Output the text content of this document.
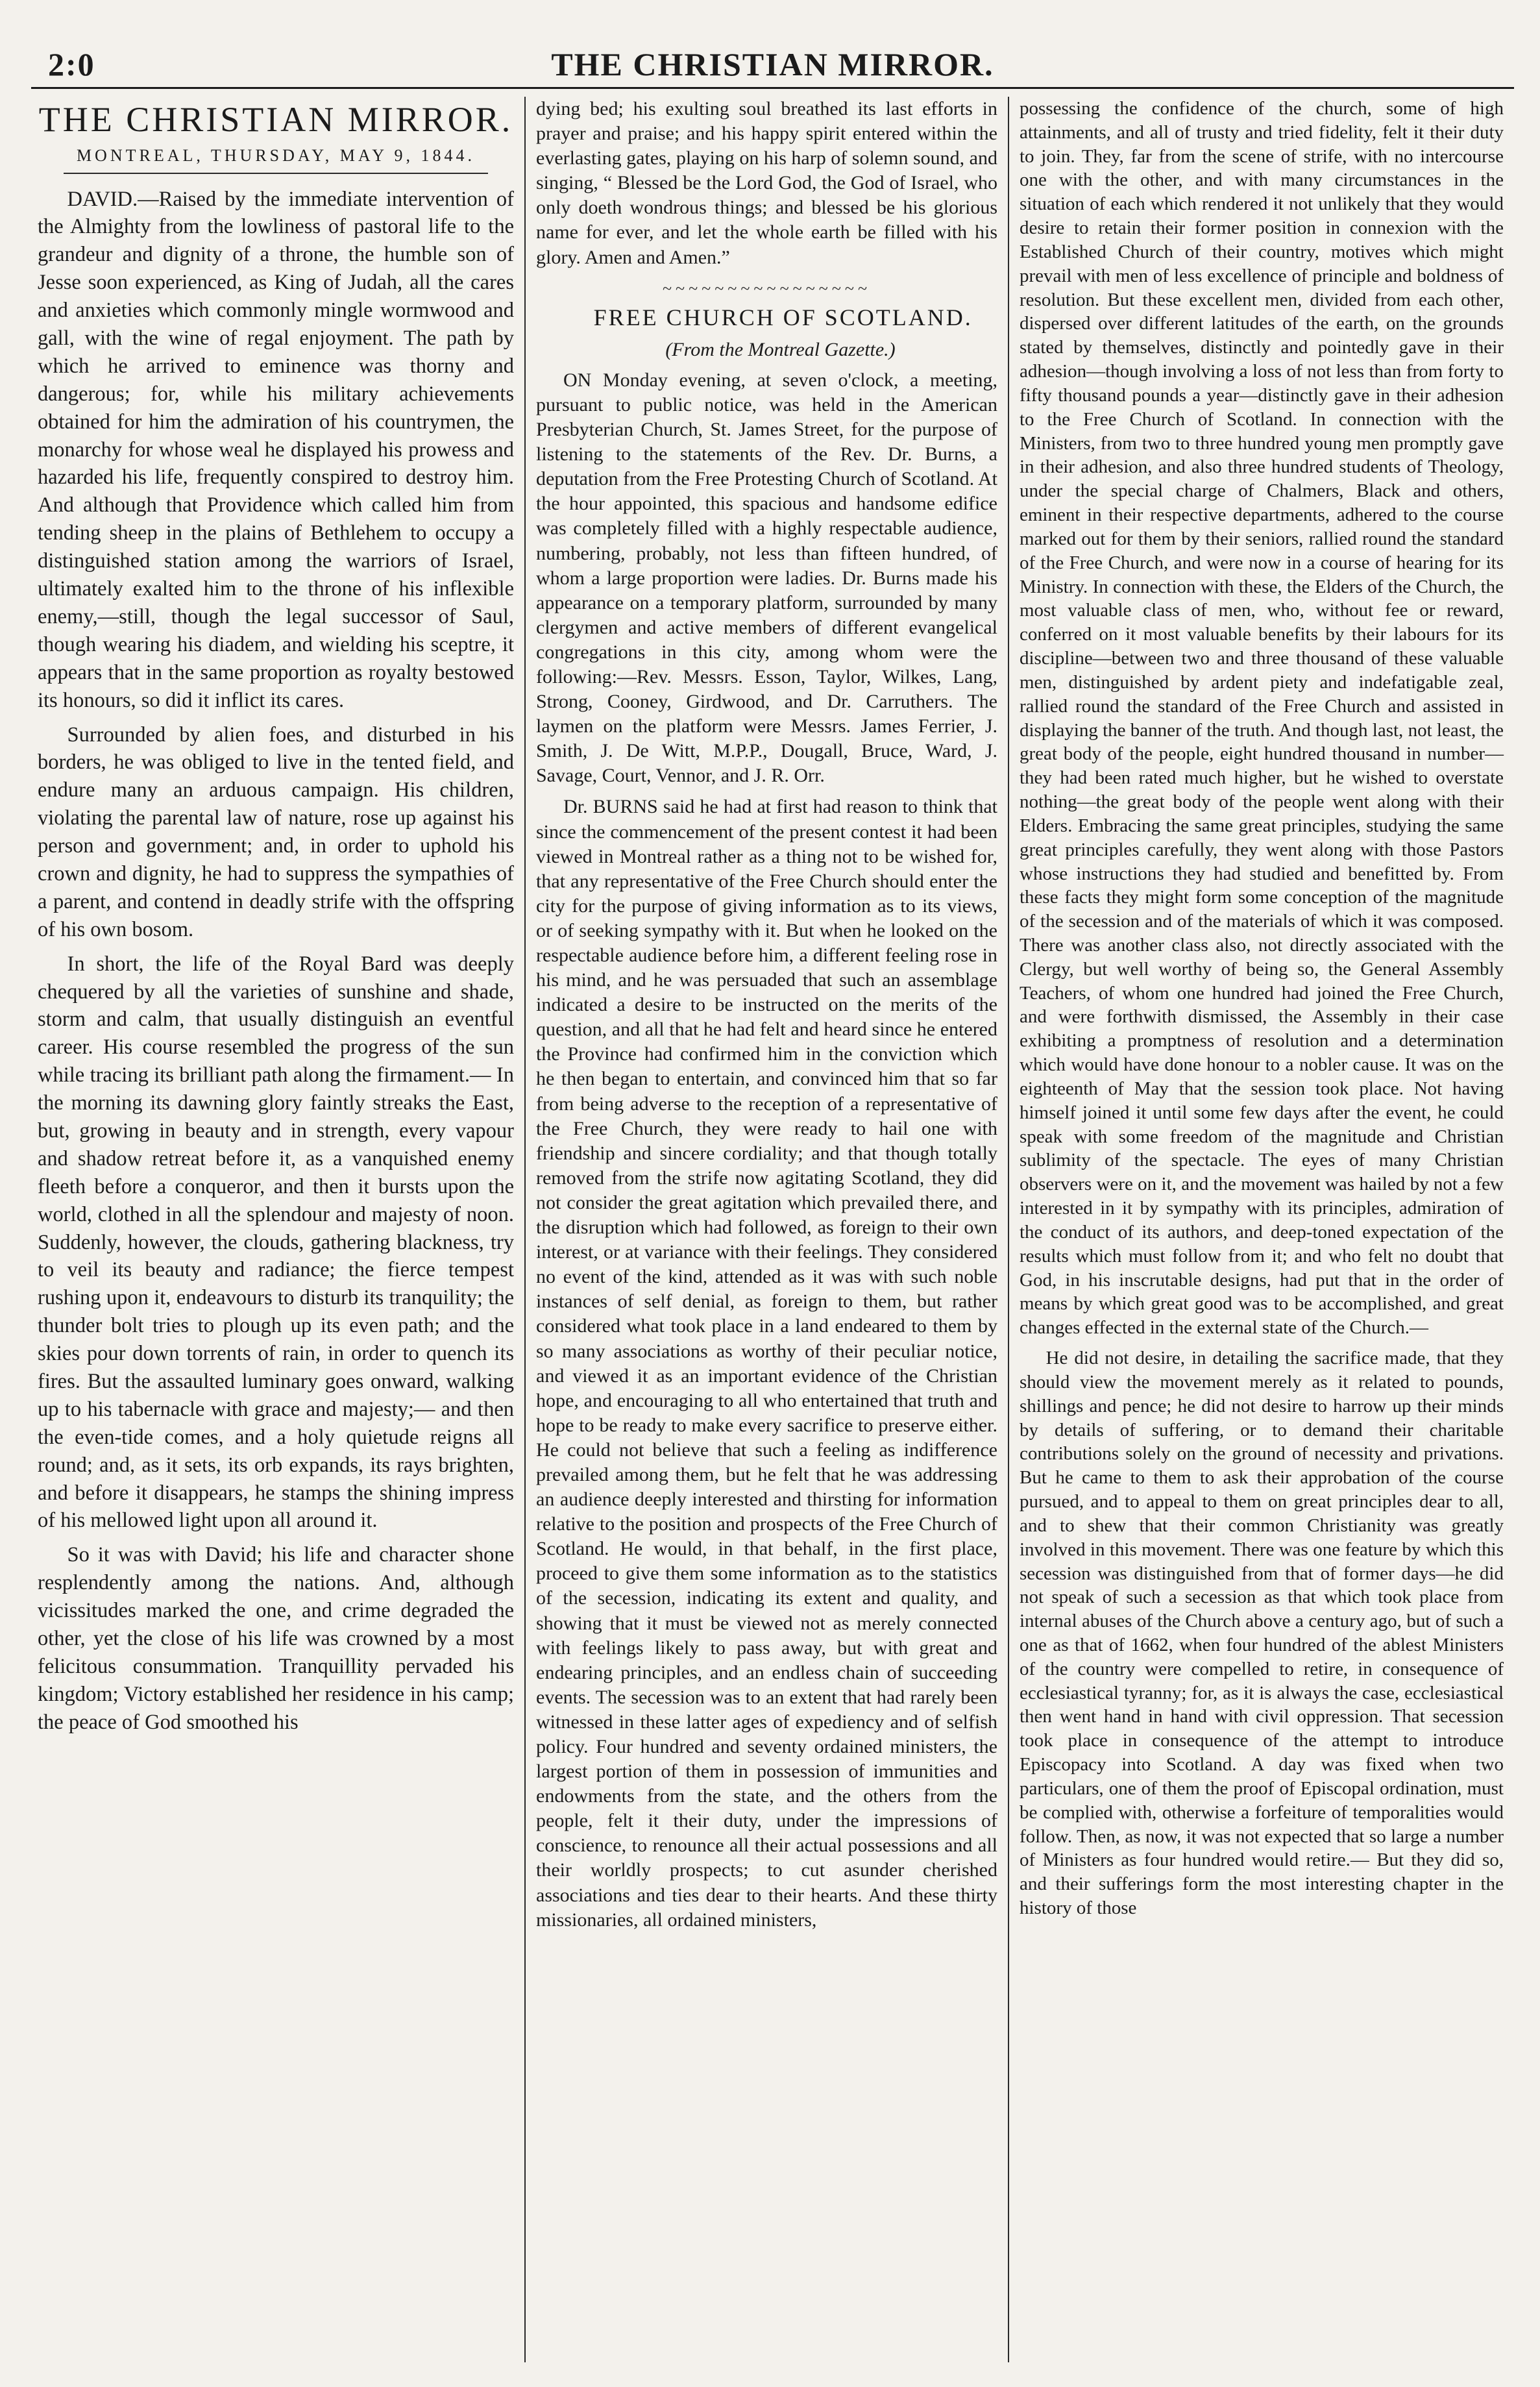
2:0	THE CHRISTIAN MIRROR.
THE CHRISTIAN MIRROR.
MONTREAL, THURSDAY, MAY 9, 1844.

DAVID.—Raised by the immediate intervention of the Almighty from the lowliness of pastoral life to the grandeur and dignity of a throne, the humble son of Jesse soon experienced, as King of Judah, all the cares and anxieties which commonly mingle wormwood and gall, with the wine of regal enjoyment. The path by which he arrived to eminence was thorny and dangerous; for, while his military achievements obtained for him the admiration of his countrymen, the monarchy for whose weal he displayed his prowess and hazarded his life, frequently conspired to destroy him. And although that Providence which called him from tending sheep in the plains of Bethlehem to occupy a distinguished station among the warriors of Israel, ultimately exalted him to the throne of his inflexible enemy,—still, though the legal successor of Saul, though wearing his diadem, and wielding his sceptre, it appears that in the same proportion as royalty bestowed its honours, so did it inflict its cares.

Surrounded by alien foes, and disturbed in his borders, he was obliged to live in the tented field, and endure many an arduous campaign. His children, violating the parental law of nature, rose up against his person and government; and, in order to uphold his crown and dignity, he had to suppress the sympathies of a parent, and contend in deadly strife with the offspring of his own bosom.

In short, the life of the Royal Bard was deeply chequered by all the varieties of sunshine and shade, storm and calm, that usually distinguish an eventful career. His course resembled the progress of the sun while tracing its brilliant path along the firmament.— In the morning its dawning glory faintly streaks the East, but, growing in beauty and in strength, every vapour and shadow retreat before it, as a vanquished enemy fleeth before a conqueror, and then it bursts upon the world, clothed in all the splendour and majesty of noon. Suddenly, however, the clouds, gathering blackness, try to veil its beauty and radiance; the fierce tempest rushing upon it, endeavours to disturb its tranquility; the thunder bolt tries to plough up its even path; and the skies pour down torrents of rain, in order to quench its fires. But the assaulted luminary goes onward, walking up to his tabernacle with grace and majesty;— and then the even-tide comes, and a holy quietude reigns all round; and, as it sets, its orb expands, its rays brighten, and before it disappears, he stamps the shining impress of his mellowed light upon all around it.

So it was with David; his life and character shone resplendently among the nations. And, although vicissitudes marked the one, and crime degraded the other, yet the close of his life was crowned by a most felicitous consummation. Tranquillity pervaded his kingdom; Victory established her residence in his camp; the peace of God smoothed his

dying bed; his exulting soul breathed its last efforts in prayer and praise; and his happy spirit entered within the everlasting gates, playing on his harp of solemn sound, and singing, “ Blessed be the Lord God, the God of Israel, who only doeth wondrous things; and blessed be his glorious name for ever, and let the whole earth be filled with his glory. Amen and Amen.”

~~~~~~~~~~~~~~~~

FREE CHURCH OF SCOTLAND.

(From the Montreal Gazette.)

ON Monday evening, at seven o'clock, a meeting, pursuant to public notice, was held in the American Presbyterian Church, St. James Street, for the purpose of listening to the statements of the Rev. Dr. Burns, a deputation from the Free Protesting Church of Scotland. At the hour appointed, this spacious and handsome edifice was completely filled with a highly respectable audience, numbering, probably, not less than fifteen hundred, of whom a large proportion were ladies. Dr. Burns made his appearance on a temporary platform, surrounded by many clergymen and active members of different evangelical congregations in this city, among whom were the following:—Rev. Messrs. Esson, Taylor, Wilkes, Lang, Strong, Cooney, Girdwood, and Dr. Carruthers. The laymen on the platform were Messrs. James Ferrier, J. Smith, J. De Witt, M.P.P., Dougall, Bruce, Ward, J. Savage, Court, Vennor, and J. R. Orr.

Dr. BURNS said he had at first had reason to think that since the commencement of the present contest it had been viewed in Montreal rather as a thing not to be wished for, that any representative of the Free Church should enter the city for the purpose of giving information as to its views, or of seeking sympathy with it. But when he looked on the respectable audience before him, a different feeling rose in his mind, and he was persuaded that such an assemblage indicated a desire to be instructed on the merits of the question, and all that he had felt and heard since he entered the Province had confirmed him in the conviction which he then began to entertain, and convinced him that so far from being adverse to the reception of a representative of the Free Church, they were ready to hail one with friendship and sincere cordiality; and that though totally removed from the strife now agitating Scotland, they did not consider the great agitation which prevailed there, and the disruption which had followed, as foreign to their own interest, or at variance with their feelings. They considered no event of the kind, attended as it was with such noble instances of self denial, as foreign to them, but rather considered what took place in a land endeared to them by so many associations as worthy of their peculiar notice, and viewed it as an important evidence of the Christian hope, and encouraging to all who entertained that truth and hope to be ready to make every sacrifice to preserve either. He could not believe that such a feeling as indifference prevailed among them, but he felt that he was addressing an audience deeply interested and thirsting for information relative to the position and prospects of the Free Church of Scotland. He would, in that behalf, in the first place, proceed to give them some information as to the statistics of the secession, indicating its extent and quality, and showing that it must be viewed not as merely connected with feelings likely to pass away, but with great and endearing principles, and an endless chain of succeeding events. The secession was to an extent that had rarely been witnessed in these latter ages of expediency and of selfish policy. Four hundred and seventy ordained ministers, the largest portion of them in possession of immunities and endowments from the state, and the others from the people, felt it their duty, under the impressions of conscience, to renounce all their actual possessions and all their worldly prospects; to cut asunder cherished associations and ties dear to their hearts. And these thirty missionaries, all ordained ministers,

possessing the confidence of the church, some of high attainments, and all of trusty and tried fidelity, felt it their duty to join. They, far from the scene of strife, with no intercourse one with the other, and with many circumstances in the situation of each which rendered it not unlikely that they would desire to retain their former position in connexion with the Established Church of their country, motives which might prevail with men of less excellence of principle and boldness of resolution. But these excellent men, divided from each other, dispersed over different latitudes of the earth, on the grounds stated by themselves, distinctly and pointedly gave in their adhesion—though involving a loss of not less than from forty to fifty thousand pounds a year—distinctly gave in their adhesion to the Free Church of Scotland. In connection with the Ministers, from two to three hundred young men promptly gave in their adhesion, and also three hundred students of Theology, under the special charge of Chalmers, Black and others, eminent in their respective departments, adhered to the course marked out for them by their seniors, rallied round the standard of the Free Church, and were now in a course of hearing for its Ministry. In connection with these, the Elders of the Church, the most valuable class of men, who, without fee or reward, conferred on it most valuable benefits by their labours for its discipline—between two and three thousand of these valuable men, distinguished by ardent piety and indefatigable zeal, rallied round the standard of the Free Church and assisted in displaying the banner of the truth. And though last, not least, the great body of the people, eight hundred thousand in number—they had been rated much higher, but he wished to overstate nothing—the great body of the people went along with their Elders. Embracing the same great principles, studying the same great principles carefully, they went along with those Pastors whose instructions they had studied and benefitted by. From these facts they might form some conception of the magnitude of the secession and of the materials of which it was composed. There was another class also, not directly associated with the Clergy, but well worthy of being so, the General Assembly Teachers, of whom one hundred had joined the Free Church, and were forthwith dismissed, the Assembly in their case exhibiting a promptness of resolution and a determination which would have done honour to a nobler cause. It was on the eighteenth of May that the session took place. Not having himself joined it until some few days after the event, he could speak with some freedom of the magnitude and Christian sublimity of the spectacle. The eyes of many Christian observers were on it, and the movement was hailed by not a few interested in it by sympathy with its principles, admiration of the conduct of its authors, and deep-toned expectation of the results which must follow from it; and who felt no doubt that God, in his inscrutable designs, had put that in the order of means by which great good was to be accomplished, and great changes effected in the external state of the Church.—

He did not desire, in detailing the sacrifice made, that they should view the movement merely as it related to pounds, shillings and pence; he did not desire to harrow up their minds by details of suffering, or to demand their charitable contributions solely on the ground of necessity and privations. But he came to them to ask their approbation of the course pursued, and to appeal to them on great principles dear to all, and to shew that their common Christianity was greatly involved in this movement. There was one feature by which this secession was distinguished from that of former days—he did not speak of such a secession as that which took place from internal abuses of the Church above a century ago, but of such a one as that of 1662, when four hundred of the ablest Ministers of the country were compelled to retire, in consequence of ecclesiastical tyranny; for, as it is always the case, ecclesiastical then went hand in hand with civil oppression. That secession took place in consequence of the attempt to introduce Episcopacy into Scotland. A day was fixed when two particulars, one of them the proof of Episcopal ordination, must be complied with, otherwise a forfeiture of temporalities would follow. Then, as now, it was not expected that so large a number of Ministers as four hundred would retire.— But they did so, and their sufferings form the most interesting chapter in the history of those
